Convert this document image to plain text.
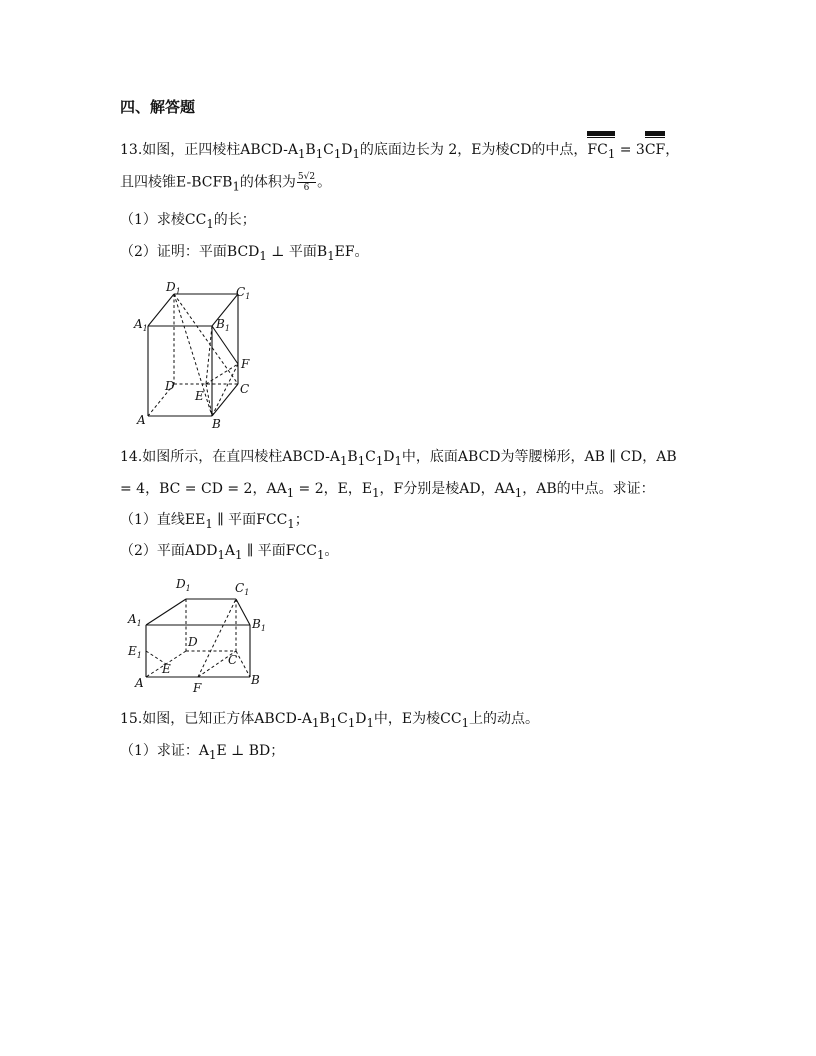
四、解答题
13.如图，正四棱柱ABCD-$A_1B_1C_1D_1$的底面边长为 2，E为棱CD的中点，
$FC_1 = 3$
CF，
且四棱锥$E-BCFB_1$的体积为 $\frac{5√2}{6}$ 。
（1）求棱$CC_1$的长；
（2）证明：平面$BCD_1$ ⊥ 平面$B_1EF$。
$D_1$	$C_1$
$A_1$	$B_1$
F
D	C
E
A	B
14.如图所示，在直四棱柱ABCD-$A_1B_1C_1D_1$中，底面ABCD为等腰梯形，AB ∥ CD，AB
= 4，BC = CD = 2，$AA_1 = 2$，E，$E_1$，F分别是棱AD，$AA_1$，AB的中点。求证：
（1）直线$EE_1$ ∥ 平面$FCC_1$；
（2）平面$ADD_1A_1$ ∥ 平面$FCC_1$。
$D_1$	$C_1$
$A_1$	$B_1$
$E_1$
D
E
C
A	F
B
15.如图，已知正方体ABCD-$A_1B_1C_1D_1$中，E为棱$CC_1$上的动点。
（1）求证：$A_1E$ ⊥ BD；
